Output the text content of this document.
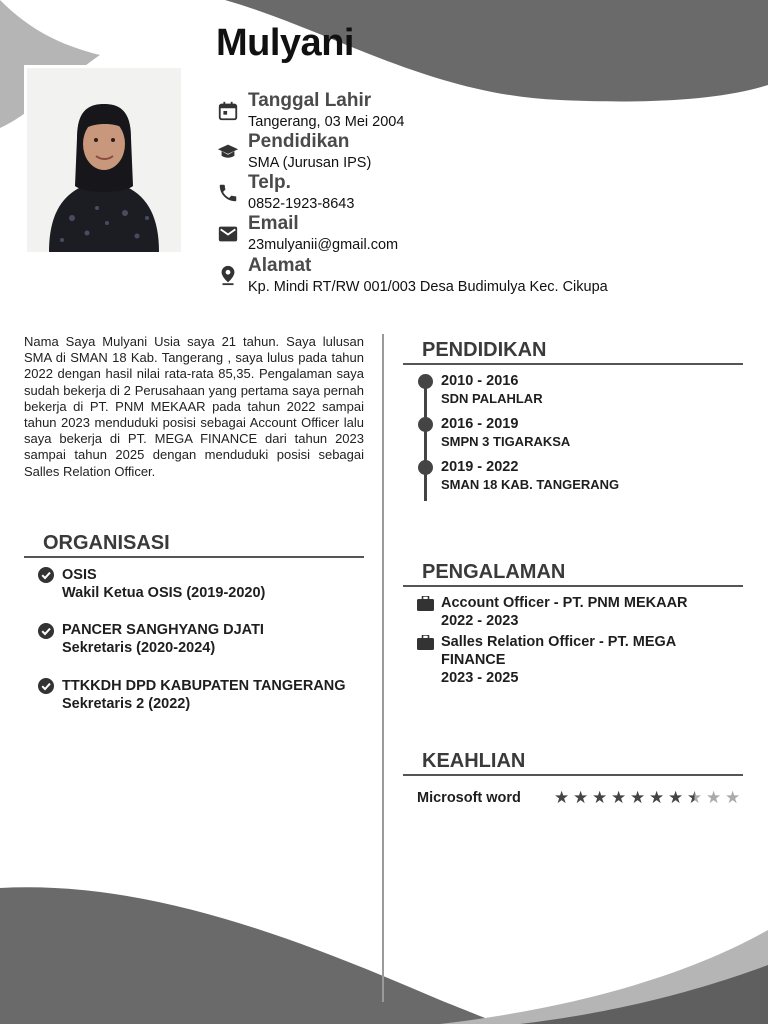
Mulyani
Tanggal Lahir
Tangerang, 03 Mei 2004
Pendidikan
SMA (Jurusan IPS)
Telp.
0852-1923-8643
Email
23mulyanii@gmail.com
Alamat
Kp. Mindi RT/RW 001/003 Desa Budimulya Kec. Cikupa

Nama Saya Mulyani Usia saya 21 tahun. Saya lulusan SMA di SMAN 18 Kab. Tangerang , saya lulus pada tahun 2022 dengan hasil nilai rata-rata 85,35. Pengalaman saya sudah bekerja di 2 Perusahaan yang pertama saya pernah bekerja di PT. PNM MEKAAR pada tahun 2022 sampai tahun 2023 menduduki posisi sebagai Account Officer lalu saya bekerja di PT. MEGA FINANCE dari tahun 2023 sampai tahun 2025 dengan menduduki posisi sebagai Salles Relation Officer.

ORGANISASI
OSIS
Wakil Ketua OSIS (2019-2020)
PANCER SANGHYANG DJATI
Sekretaris (2020-2024)
TTKKDH DPD KABUPATEN TANGERANG
Sekretaris 2 (2022)
PENDIDIKAN
2010 - 2016
SDN PALAHLAR
2016 - 2019
SMPN 3 TIGARAKSA
2019 - 2022
SMAN 18 KAB. TANGERANG
PENGALAMAN
Account Officer - PT. PNM MEKAAR
2022 - 2023
Salles Relation Officer - PT. MEGA
FINANCE
2023 - 2025
KEAHLIAN
Microsoft word ★ ★ ★ ★ ★ ★ ★ ★ ★ ★
